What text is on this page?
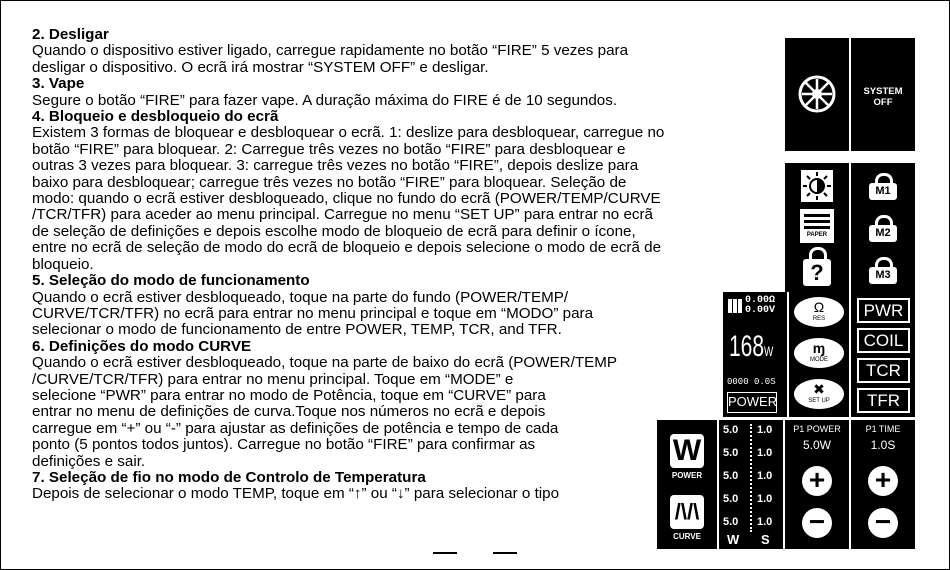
2. Desligar

Quando o dispositivo estiver ligado, carregue rapidamente no botão “FIRE” 5 vezes para

desligar o dispositivo. O ecrã irá mostrar “SYSTEM OFF” e desligar.

3. Vape

Segure o botão “FIRE” para fazer vape. A duração máxima do FIRE é de 10 segundos.

4. Bloqueio e desbloqueio do ecrã

Existem 3 formas de bloquear e desbloquear o ecrã. 1: deslize para desbloquear, carregue no

botão “FIRE” para bloquear. 2: Carregue três vezes no botão “FIRE” para desbloquear e

outras 3 vezes para bloquear. 3: carregue três vezes no botão “FIRE”, depois deslize para

baixo para desbloquear; carregue três vezes no botão “FIRE” para bloquear. Seleção de

modo: quando o ecrã estiver desbloqueado, clique no fundo do ecrã (POWER/TEMP/CURVE

/TCR/TFR) para aceder ao menu principal. Carregue no menu “SET UP” para entrar no ecrã

de seleção de definições e depois escolhe modo de bloqueio de ecrã para definir o ícone,

entre no ecrã de seleção de modo do ecrã de bloqueio e depois selecione o modo de ecrã de

bloqueio.

5. Seleção do modo de funcionamento

Quando o ecrã estiver desbloqueado, toque na parte do fundo (POWER/TEMP/

CURVE/TCR/TFR) no ecrã para entrar no menu principal e toque em “MODO” para

selecionar o modo de funcionamento de entre POWER, TEMP, TCR, and TFR.

6. Definições do modo CURVE

Quando o ecrã estiver desbloqueado, toque na parte de baixo do ecrã (POWER/TEMP

/CURVE/TCR/TFR) para entrar no menu principal. Toque em “MODE” e

selecione “PWR” para entrar no modo de Potência, toque em “CURVE” para

entrar no menu de definições de curva.Toque nos números no ecrã e depois

carregue em “+” ou “-” para ajustar as definições de potência e tempo de cada

ponto (5 pontos todos juntos). Carregue no botão “FIRE” para confirmar as

definições e sair.

7. Seleção de fio no modo de Controlo de Temperatura

Depois de selecionar o modo TEMP, toque em “↑” ou “↓” para selecionar o tipo

SYSTEM OFF
PAPER
?
M1
M2
M3
0.00Ω
0.00V
168W
0000 0.0S
POWER
Ω
RES
ɱ
MODE
✖
SET UP
PWR
COIL
TCR
TFR
W
POWER
/\/\
CURVE
5.0 1.0
5.0 1.0
5.0 1.0
5.0 1.0
5.0 1.0
W S
P1 POWER
5.0W
+
−
P1 TIME
1.0S
+
−
